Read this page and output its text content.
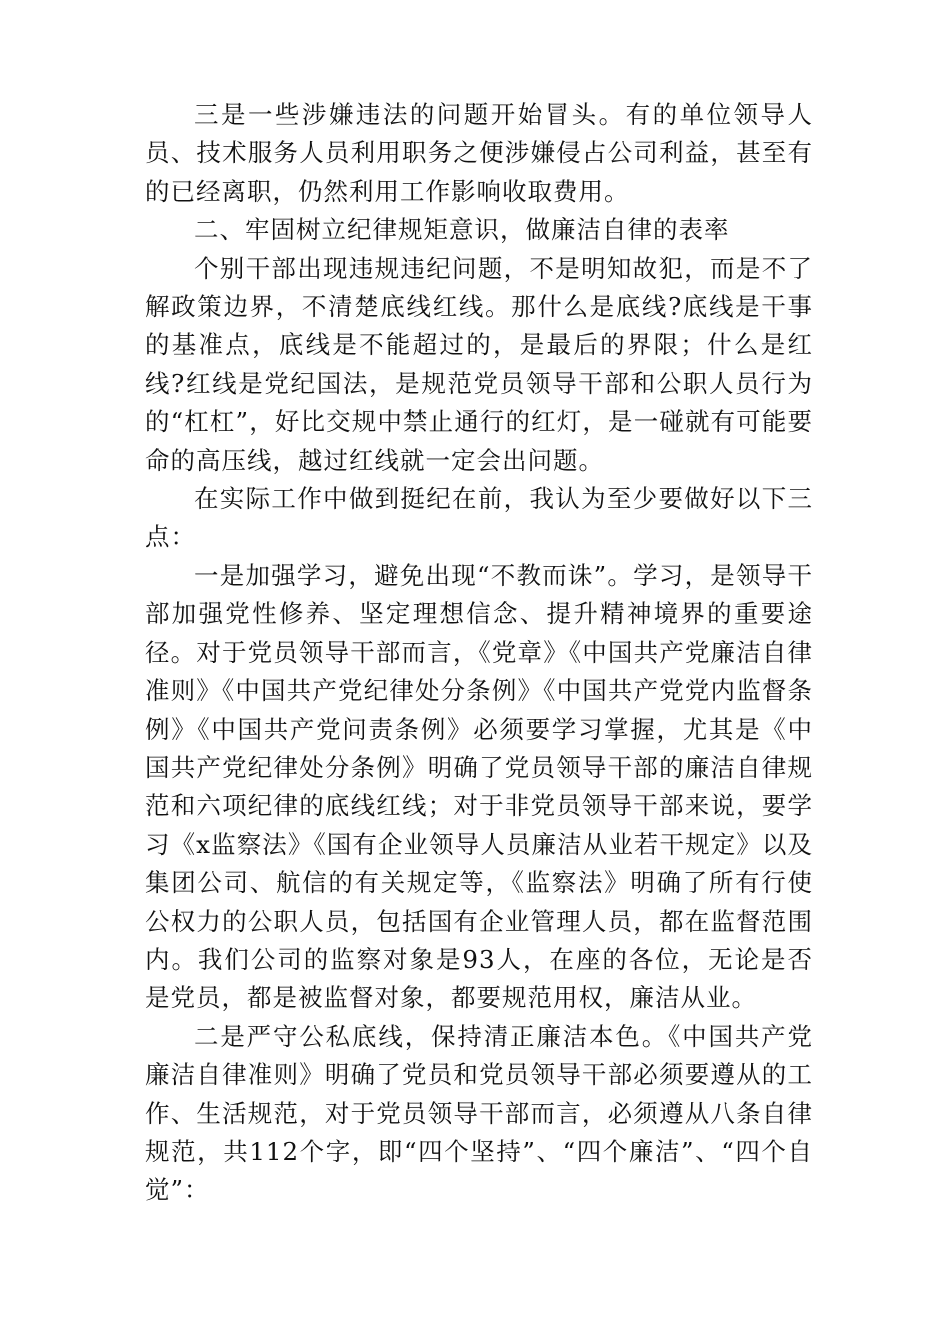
三是一些涉嫌违法的问题开始冒头。有的单位领导人员、技术服务人员利用职务之便涉嫌侵占公司利益，甚至有的已经离职，仍然利用工作影响收取费用。

二、牢固树立纪律规矩意识，做廉洁自律的表率

个别干部出现违规违纪问题，不是明知故犯，而是不了解政策边界，不清楚底线红线。那什么是底线?底线是干事的基准点，底线是不能超过的，是最后的界限；什么是红线?红线是党纪国法，是规范党员领导干部和公职人员行为的“杠杠”，好比交规中禁止通行的红灯，是一碰就有可能要命的高压线，越过红线就一定会出问题。

在实际工作中做到挺纪在前，我认为至少要做好以下三点：

一是加强学习，避免出现“不教而诛”。学习，是领导干部加强党性修养、坚定理想信念、提升精神境界的重要途径。对于党员领导干部而言，《党章》《中国共产党廉洁自律准则》《中国共产党纪律处分条例》《中国共产党党内监督条例》《中国共产党问责条例》必须要学习掌握，尤其是《中国共产党纪律处分条例》明确了党员领导干部的廉洁自律规范和六项纪律的底线红线；对于非党员领导干部来说，要学习《x监察法》《国有企业领导人员廉洁从业若干规定》以及集团公司、航信的有关规定等，《监察法》明确了所有行使公权力的公职人员，包括国有企业管理人员，都在监督范围内。我们公司的监察对象是93人，在座的各位，无论是否是党员，都是被监督对象，都要规范用权，廉洁从业。

二是严守公私底线，保持清正廉洁本色。《中国共产党廉洁自律准则》明确了党员和党员领导干部必须要遵从的工作、生活规范，对于党员领导干部而言，必须遵从八条自律规范，共112个字，即“四个坚持”、“四个廉洁”、“四个自觉”：
